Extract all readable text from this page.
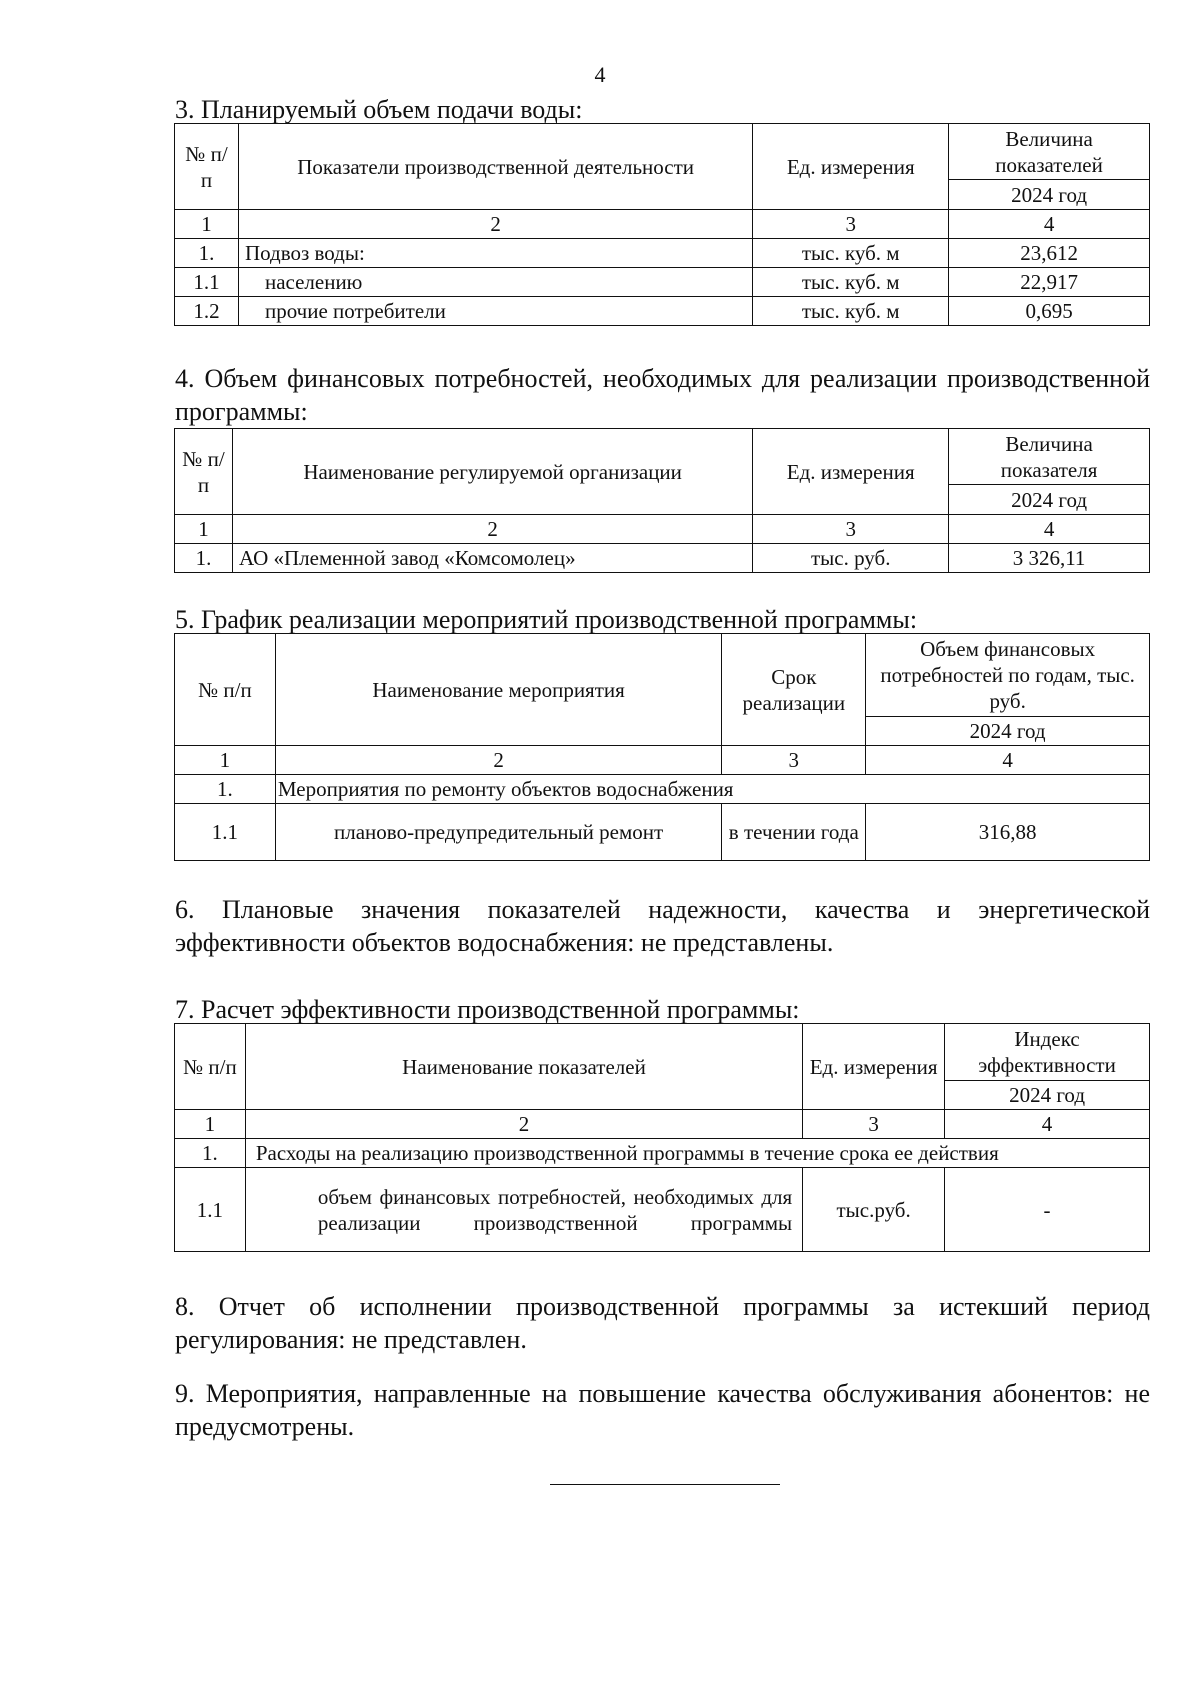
4
3. Планируемый объем подачи воды:
№ п/п	Показатели производственной деятельности	Ед. измерения	Величина показателей
			2024 год
1	2	3	4
1.	Подвоз воды:	тыс. куб. м	23,612
1.1	населению	тыс. куб. м	22,917
1.2	прочие потребители	тыс. куб. м	0,695
4. Объем финансовых потребностей, необходимых для реализации производственной программы:
№ п/п	Наименование регулируемой организации	Ед. измерения	Величина показателя
			2024 год
1	2	3	4
1.	АО «Племенной завод «Комсомолец»	тыс. руб.	3 326,11
5. График реализации мероприятий производственной программы:
№ п/п	Наименование мероприятия	Срок реализации	Объем финансовых потребностей по годам, тыс. руб.
			2024 год
1	2	3	4
1.	Мероприятия по ремонту объектов водоснабжения		
1.1	планово-предупредительный ремонт	в течении года	316,88
6. Плановые значения показателей надежности, качества и энергетической эффективности объектов водоснабжения: не представлены.
7. Расчет эффективности производственной программы:
№ п/п	Наименование показателей	Ед. измерения	Индекс эффективности
			2024 год
1	2	3	4
1.	Расходы на реализацию производственной программы в течение срока ее действия		
1.1	объем финансовых потребностей, необходимых для реализации производственной программы	тыс.руб.	-
8. Отчет об исполнении производственной программы за истекший период регулирования: не представлен.
9. Мероприятия, направленные на повышение качества обслуживания абонентов: не предусмотрены.
